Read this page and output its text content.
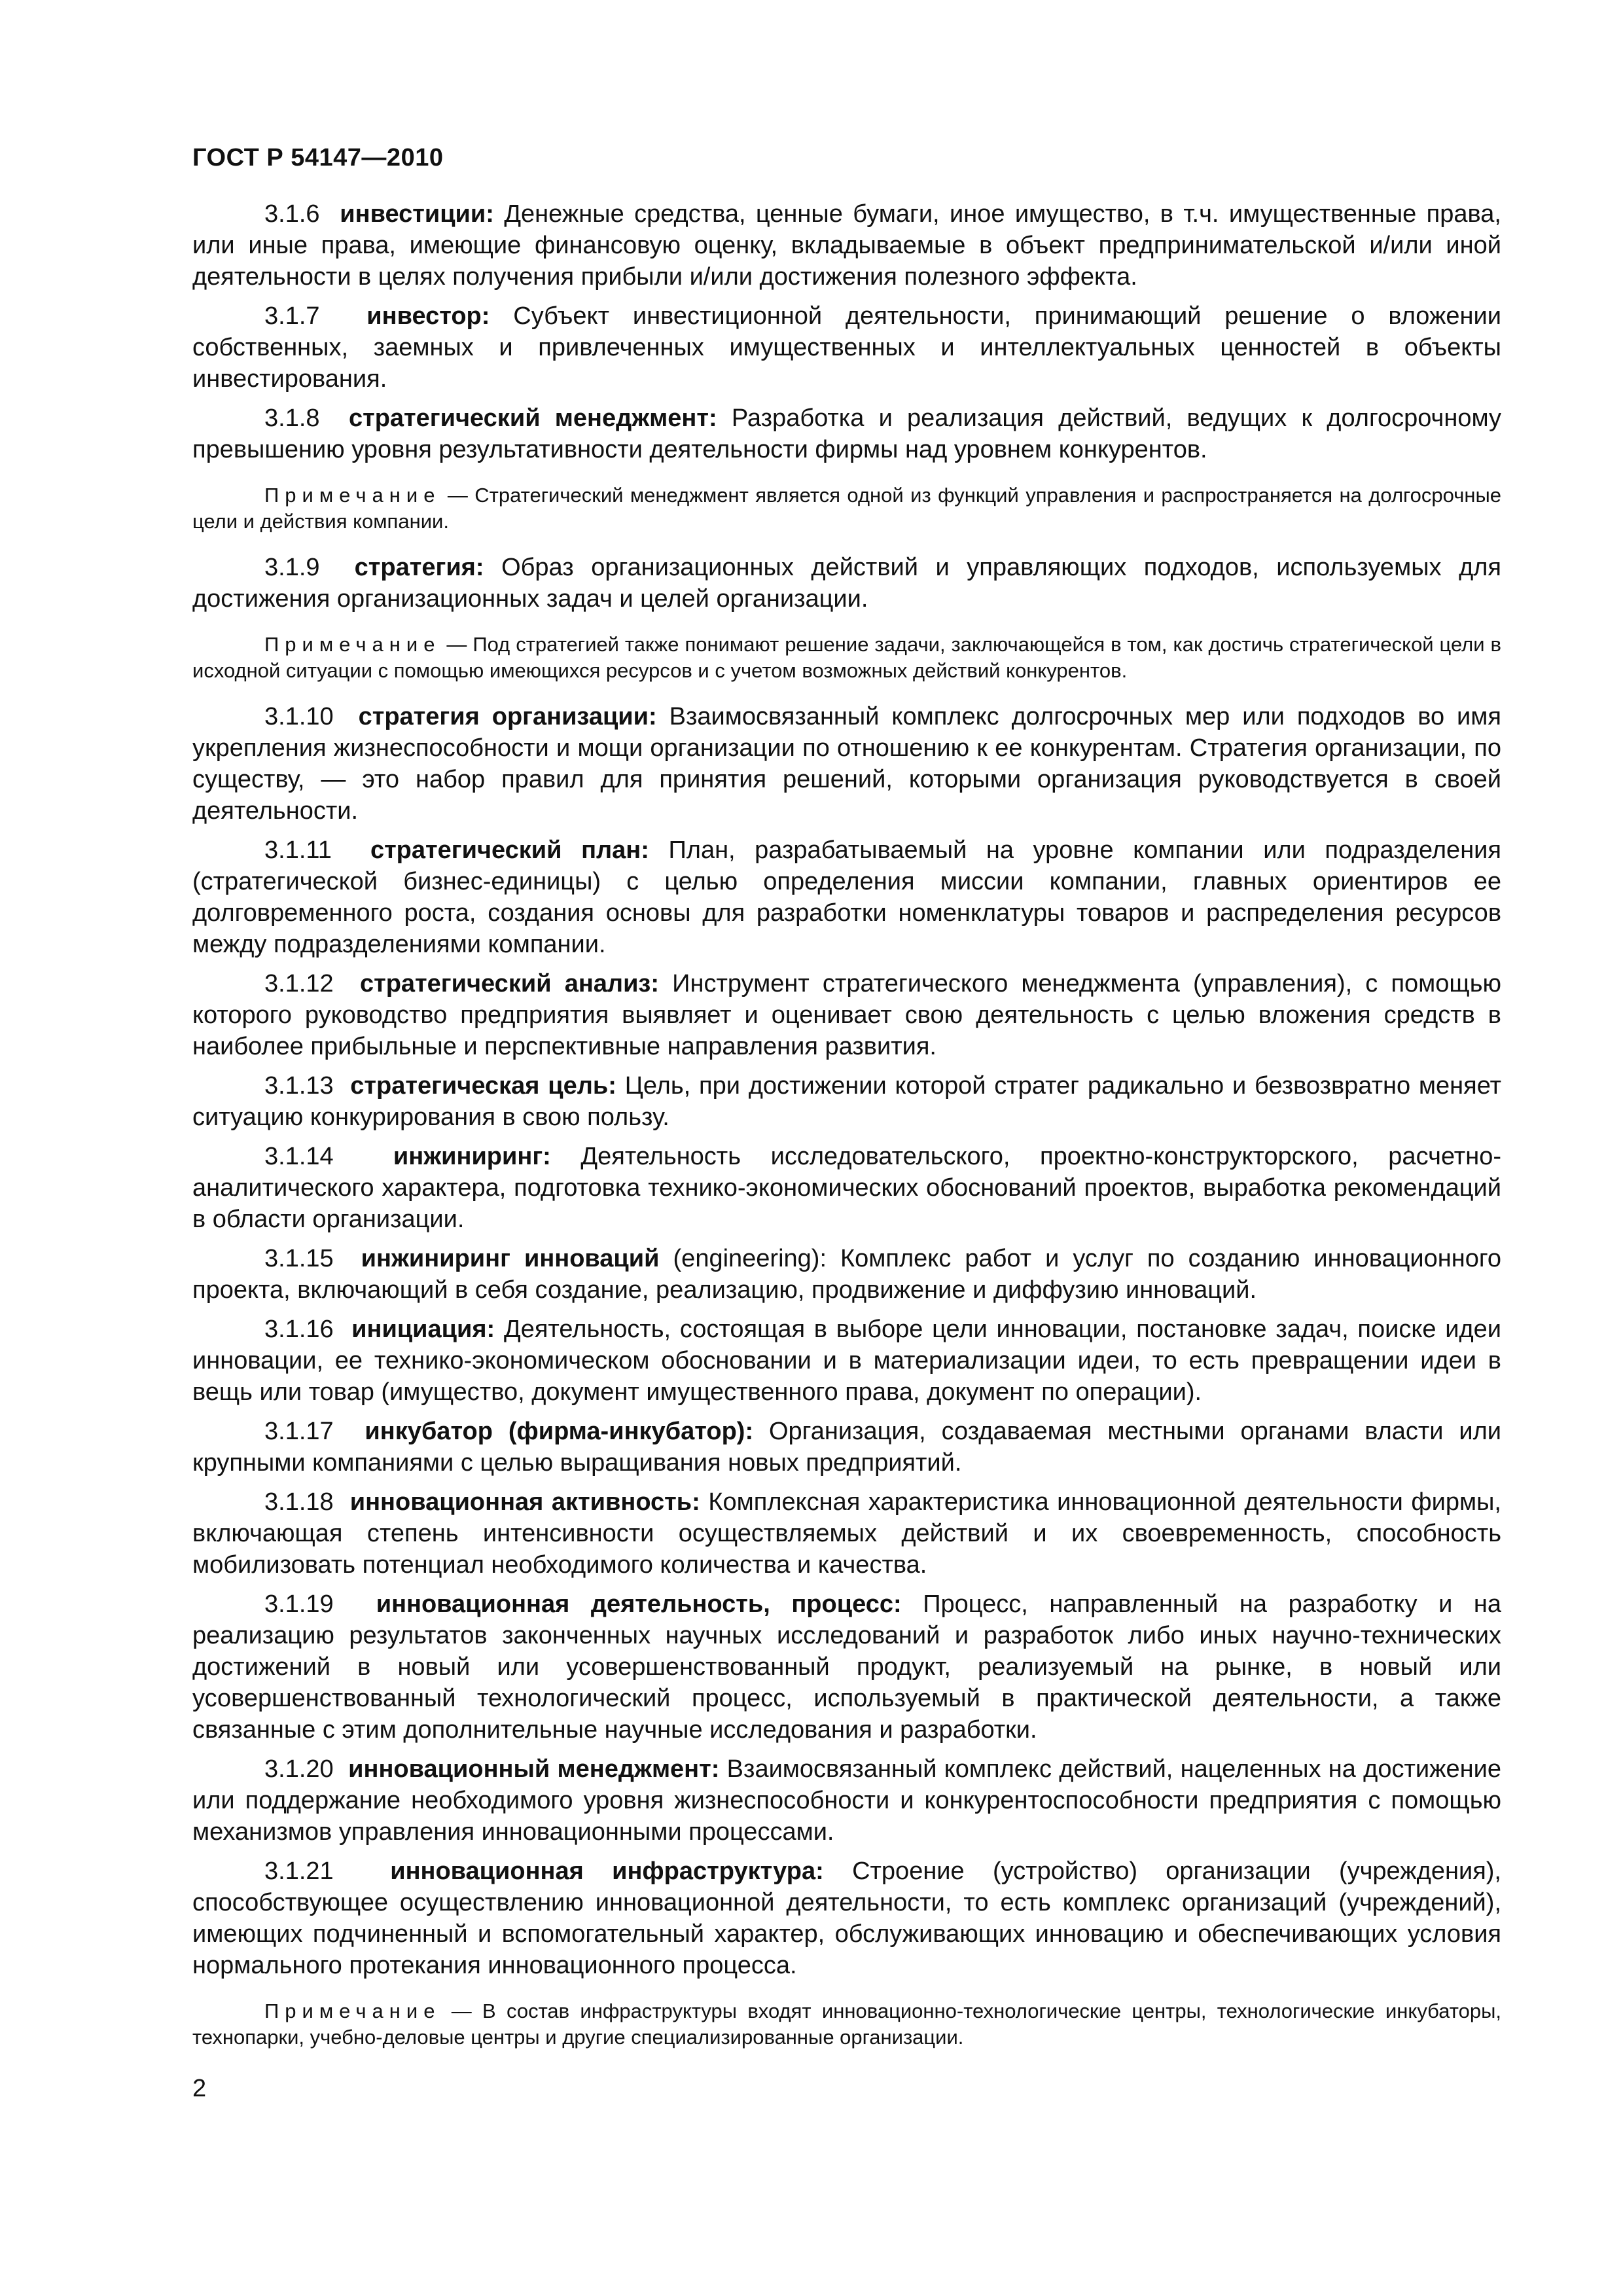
ГОСТ Р 54147—2010

3.1.6 инвестиции: Денежные средства, ценные бумаги, иное имущество, в т.ч. имущественные права, или иные права, имеющие финансовую оценку, вкладываемые в объект предпринимательской и/или иной деятельности в целях получения прибыли и/или достижения полезного эффекта.

3.1.7 инвестор: Субъект инвестиционной деятельности, принимающий решение о вложении собственных, заемных и привлеченных имущественных и интеллектуальных ценностей в объекты инвестирования.

3.1.8 стратегический менеджмент: Разработка и реализация действий, ведущих к долгосрочному превышению уровня результативности деятельности фирмы над уровнем конкурентов.

Примечание — Стратегический менеджмент является одной из функций управления и распространяется на долгосрочные цели и действия компании.

3.1.9 стратегия: Образ организационных действий и управляющих подходов, используемых для достижения организационных задач и целей организации.

Примечание — Под стратегией также понимают решение задачи, заключающейся в том, как достичь стратегической цели в исходной ситуации с помощью имеющихся ресурсов и с учетом возможных действий конкурентов.

3.1.10 стратегия организации: Взаимосвязанный комплекс долгосрочных мер или подходов во имя укрепления жизнеспособности и мощи организации по отношению к ее конкурентам. Стратегия организации, по существу, — это набор правил для принятия решений, которыми организация руководствуется в своей деятельности.

3.1.11 стратегический план: План, разрабатываемый на уровне компании или подразделения (стратегической бизнес-единицы) с целью определения миссии компании, главных ориентиров ее долговременного роста, создания основы для разработки номенклатуры товаров и распределения ресурсов между подразделениями компании.

3.1.12 стратегический анализ: Инструмент стратегического менеджмента (управления), с помощью которого руководство предприятия выявляет и оценивает свою деятельность с целью вложения средств в наиболее прибыльные и перспективные направления развития.

3.1.13 стратегическая цель: Цель, при достижении которой стратег радикально и безвозвратно меняет ситуацию конкурирования в свою пользу.

3.1.14 инжиниринг: Деятельность исследовательского, проектно-конструкторского, расчетно-аналитического характера, подготовка технико-экономических обоснований проектов, выработка рекомендаций в области организации.

3.1.15 инжиниринг инноваций (engineering): Комплекс работ и услуг по созданию инновационного проекта, включающий в себя создание, реализацию, продвижение и диффузию инноваций.

3.1.16 инициация: Деятельность, состоящая в выборе цели инновации, постановке задач, поиске идеи инновации, ее технико-экономическом обосновании и в материализации идеи, то есть превращении идеи в вещь или товар (имущество, документ имущественного права, документ по операции).

3.1.17 инкубатор (фирма-инкубатор): Организация, создаваемая местными органами власти или крупными компаниями с целью выращивания новых предприятий.

3.1.18 инновационная активность: Комплексная характеристика инновационной деятельности фирмы, включающая степень интенсивности осуществляемых действий и их своевременность, способность мобилизовать потенциал необходимого количества и качества.

3.1.19 инновационная деятельность, процесс: Процесс, направленный на разработку и на реализацию результатов законченных научных исследований и разработок либо иных научно-технических достижений в новый или усовершенствованный продукт, реализуемый на рынке, в новый или усовершенствованный технологический процесс, используемый в практической деятельности, а также связанные с этим дополнительные научные исследования и разработки.

3.1.20 инновационный менеджмент: Взаимосвязанный комплекс действий, нацеленных на достижение или поддержание необходимого уровня жизнеспособности и конкурентоспособности предприятия с помощью механизмов управления инновационными процессами.

3.1.21 инновационная инфраструктура: Строение (устройство) организации (учреждения), способствующее осуществлению инновационной деятельности, то есть комплекс организаций (учреждений), имеющих подчиненный и вспомогательный характер, обслуживающих инновацию и обеспечивающих условия нормального протекания инновационного процесса.

Примечание — В состав инфраструктуры входят инновационно-технологические центры, технологические инкубаторы, технопарки, учебно-деловые центры и другие специализированные организации.

2
